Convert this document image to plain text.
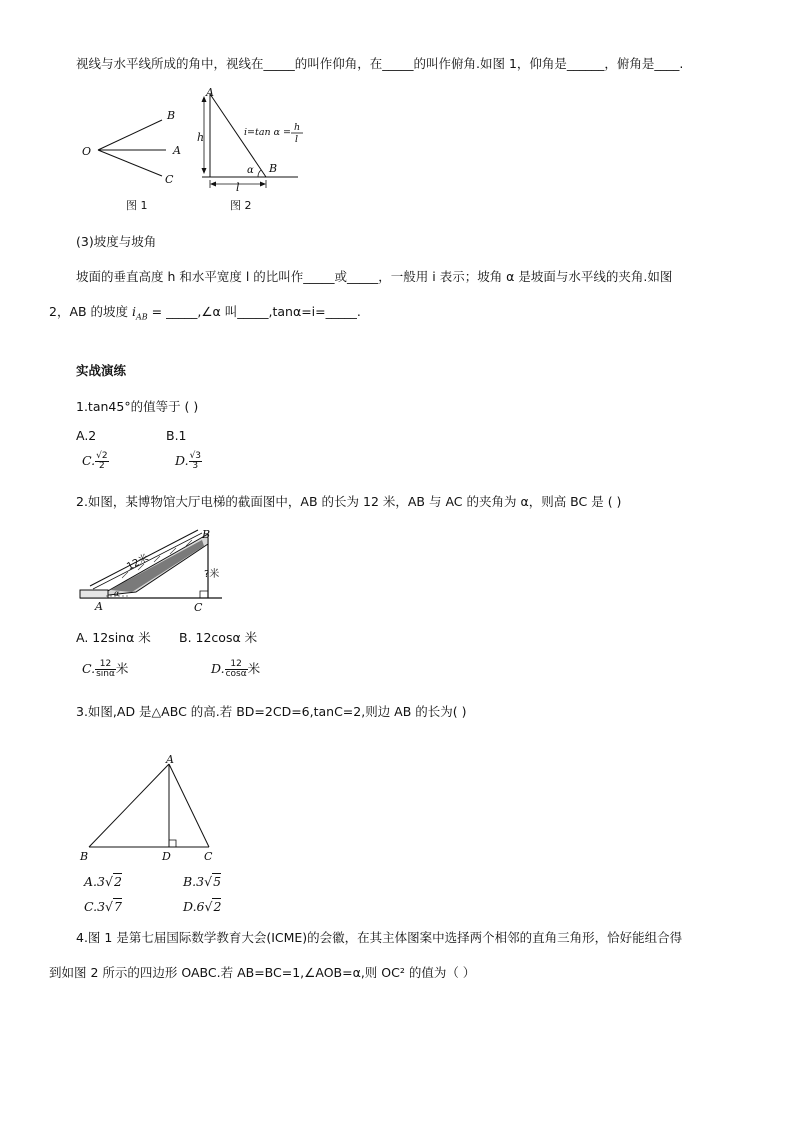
视线与水平线所成的角中，视线在_____的叫作仰角，在_____的叫作俯角.如图 1，仰角是______，俯角是____.
O
B
A
C
图 1
A
B
h
l
α
i=tan α = h
l
图 2
(3)坡度与坡角
坡面的垂直高度 h 和水平宽度 l 的比叫作_____或_____，一般用 i 表示；坡角 α 是坡面与水平线的夹角.如图
2，AB 的坡度 $i_{AB}$ = _____,∠α 叫_____,tanα=i=_____.
实战演练
1.tan45°的值等于 ( )
A.2	B.1
C. $\frac{√2}{2}$	D. $\frac{√3}{3}$
2.如图，某博物馆大厅电梯的截面图中，AB 的长为 12 米，AB 与 AC 的夹角为 α，则高 BC 是 ( )
A
B
C
12米
?米
α
A. 12sinα 米 B. 12cosα 米
C. $\frac{12}{\sin\alpha}$ 米	D. $\frac{12}{\cos\alpha}$ 米
3.如图,AD 是△ABC 的高.若 BD=2CD=6,tanC=2,则边 AB 的长为( )
A
B	D	C
A.3√2	B.3√5
C.3√7	D.6√2
4.图 1 是第七届国际数学教育大会(ICME)的会徽，在其主体图案中选择两个相邻的直角三角形，恰好能组合得
到如图 2 所示的四边形 OABC.若 AB=BC=1,∠AOB=α,则 OC² 的值为（ ）
